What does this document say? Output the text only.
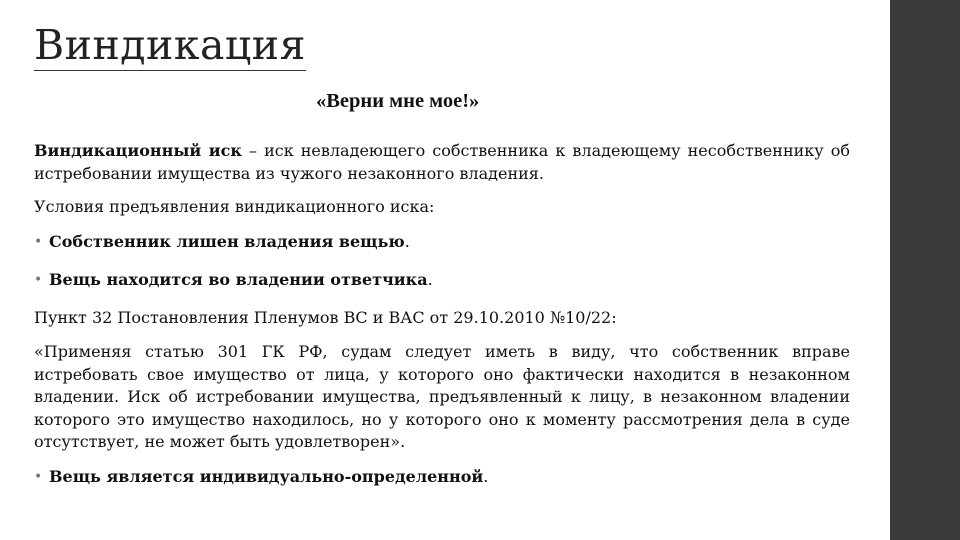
Виндикация
«Верни мне мое!»

Виндикационный иск – иск невладеющего собственника к владеющему несобственнику об истребовании имущества из чужого незаконного владения.

Условия предъявления виндикационного иска:

• Собственник лишен владения вещью.

• Вещь находится во владении ответчика.

Пункт 32 Постановления Пленумов ВС и ВАС от 29.10.2010 №10/22:

«Применяя статью 301 ГК РФ, судам следует иметь в виду, что собственник вправе истребовать свое имущество от лица, у которого оно фактически находится в незаконном владении. Иск об истребовании имущества, предъявленный к лицу, в незаконном владении которого это имущество находилось, но у которого оно к моменту рассмотрения дела в суде отсутствует, не может быть удовлетворен».

• Вещь является индивидуально-определенной.
